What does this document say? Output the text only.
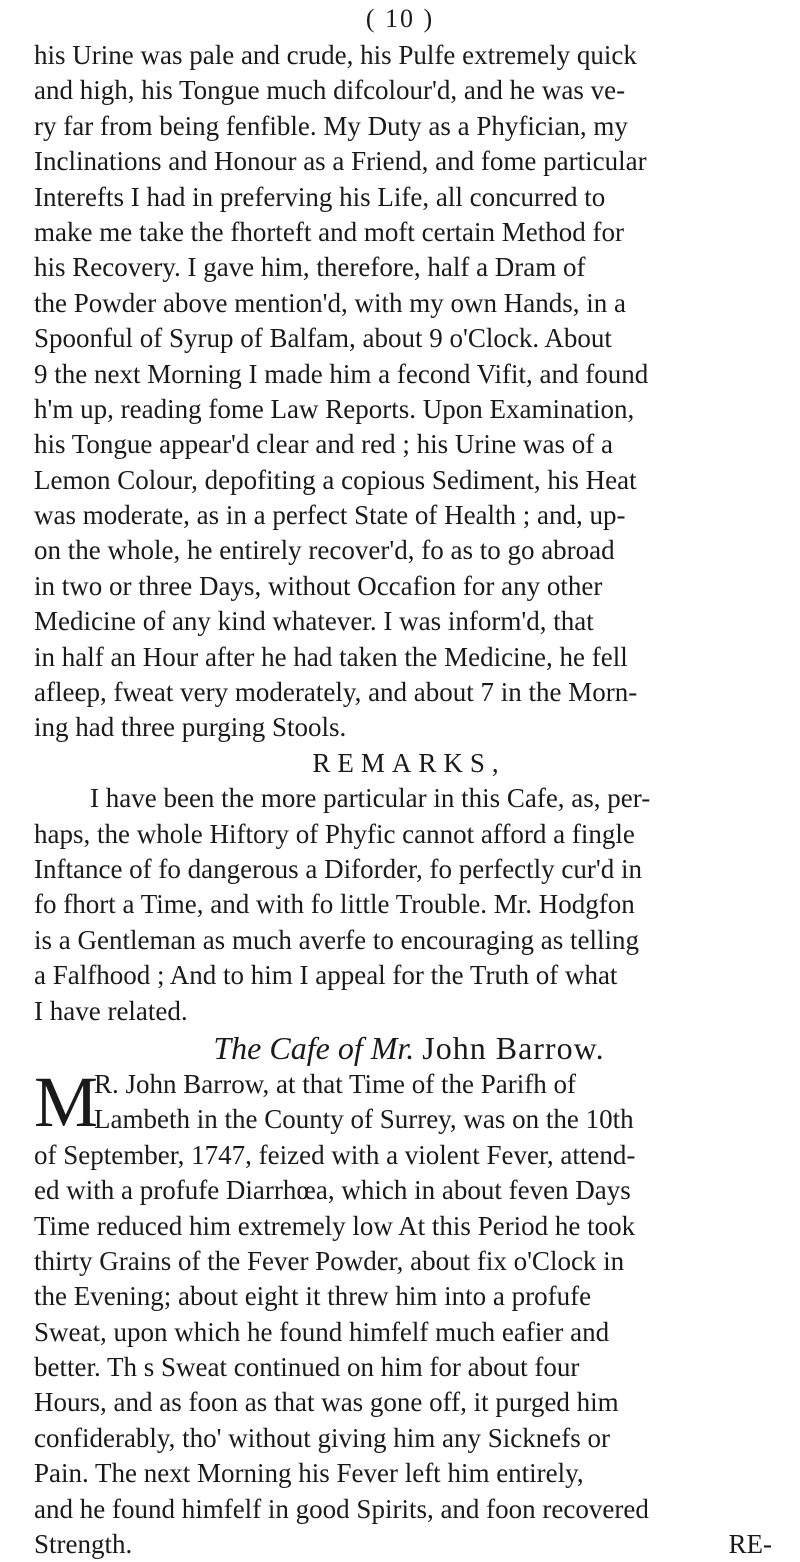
( 10 )
his Urine was pale and crude, his Pulfe extremely quick
and high, his Tongue much difcolour'd, and he was ve-
ry far from being fenfible. My Duty as a Phyfician, my
Inclinations and Honour as a Friend, and fome particular
Interefts I had in preferving his Life, all concurred to
make me take the fhorteft and moft certain Method for
his Recovery. I gave him, therefore, half a Dram of
the Powder above mention'd, with my own Hands, in a
Spoonful of Syrup of Balfam, about 9 o'Clock. About
9 the next Morning I made him a fecond Vifit, and found
h'm up, reading fome Law Reports. Upon Examination,
his Tongue appear'd clear and red ; his Urine was of a
Lemon Colour, depofiting a copious Sediment, his Heat
was moderate, as in a perfect State of Health ; and, up-
on the whole, he entirely recover'd, fo as to go abroad
in two or three Days, without Occafion for any other
Medicine of any kind whatever. I was inform'd, that
in half an Hour after he had taken the Medicine, he fell
afleep, fweat very moderately, and about 7 in the Morn-
ing had three purging Stools.
REMARKS,
I have been the more particular in this Cafe, as, per-
haps, the whole Hiftory of Phyfic cannot afford a fingle
Inftance of fo dangerous a Diforder, fo perfectly cur'd in
fo fhort a Time, and with fo little Trouble. Mr. Hodgfon
is a Gentleman as much averfe to encouraging as telling
a Falfhood ; And to him I appeal for the Truth of what
I have related.
The Cafe of Mr. John Barrow.
M
R. John Barrow, at that Time of the Parifh of
Lambeth in the County of Surrey, was on the 10th
of September, 1747, feized with a violent Fever, attend-
ed with a profufe Diarrhœa, which in about feven Days
Time reduced him extremely low At this Period he took
thirty Grains of the Fever Powder, about fix o'Clock in
the Evening; about eight it threw him into a profufe
Sweat, upon which he found himfelf much eafier and
better. Th s Sweat continued on him for about four
Hours, and as foon as that was gone off, it purged him
confiderably, tho' without giving him any Sicknefs or
Pain. The next Morning his Fever left him entirely,
and he found himfelf in good Spirits, and foon recovered
Strength.	RE-
